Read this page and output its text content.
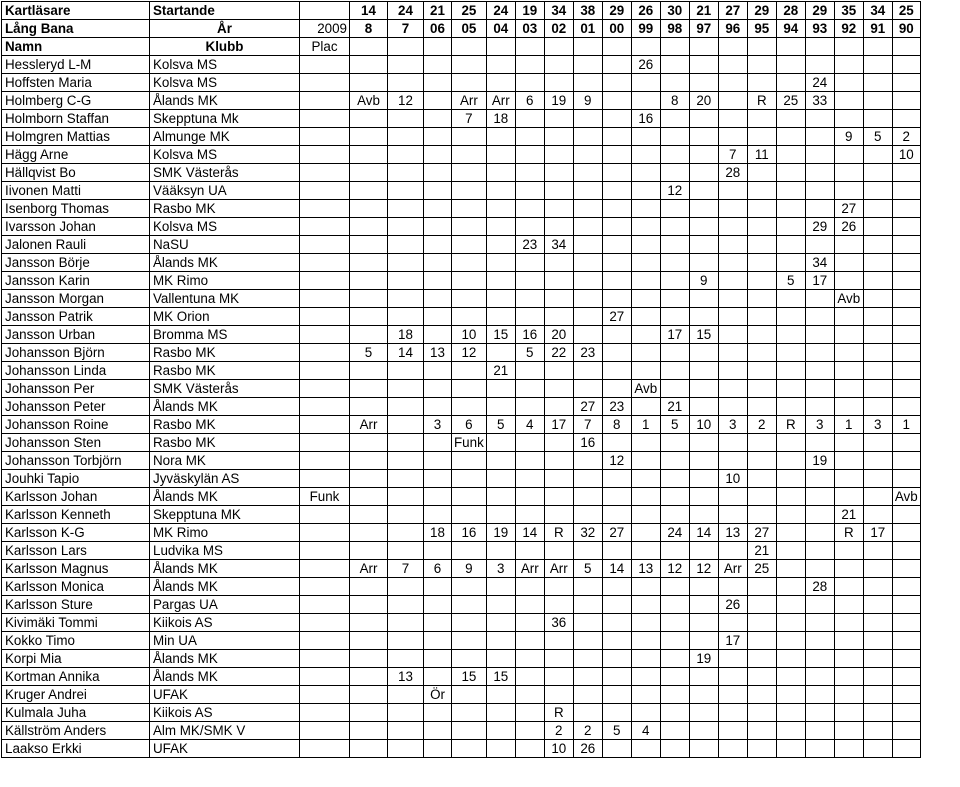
Kartläsare	Startande		14	24	21	25	24	19	34	38	29	26	30	21	27	29	28	29	35	34	25
Lång Bana	År	2009	8	7	06	05	04	03	02	01	00	99	98	97	96	95	94	93	92	91	90
Namn	Klubb	Plac																			
Hessleryd L-M	Kolsva MS											26									
Hoffsten Maria	Kolsva MS																	24			
Holmberg C-G	Ålands MK		Avb	12		Arr	Arr	6	19	9			8	20		R	25	33			
Holmborn Staffan	Skepptuna Mk					7	18					16									
Holmgren Mattias	Almunge MK																		9	5	2
Hägg Arne	Kolsva MS														7	11					10
Hällqvist Bo	SMK Västerås														28						
Iivonen Matti	Vääksyn UA												12								
Isenborg Thomas	Rasbo MK																		27		
Ivarsson Johan	Kolsva MS																	29	26		
Jalonen Rauli	NaSU							23	34												
Jansson Börje	Ålands MK																	34			
Jansson Karin	MK Rimo													9			5	17			
Jansson Morgan	Vallentuna MK																		Avb		
Jansson Patrik	MK Orion										27										
Jansson Urban	Bromma MS			18		10	15	16	20				17	15							
Johansson Björn	Rasbo MK		5	14	13	12		5	22	23											
Johansson Linda	Rasbo MK						21														
Johansson Per	SMK Västerås											Avb									
Johansson Peter	Ålands MK									27	23		21								
Johansson Roine	Rasbo MK		Arr		3	6	5	4	17	7	8	1	5	10	3	2	R	3	1	3	1
Johansson Sten	Rasbo MK					Funk				16											
Johansson Torbjörn	Nora MK										12							19			
Jouhki Tapio	Jyväskylän AS														10						
Karlsson Johan	Ålands MK	Funk																			Avb
Karlsson Kenneth	Skepptuna MK																		21		
Karlsson K-G	MK Rimo				18	16	19	14	R	32	27		24	14	13	27			R	17	
Karlsson Lars	Ludvika MS															21					
Karlsson Magnus	Ålands MK		Arr	7	6	9	3	Arr	Arr	5	14	13	12	12	Arr	25					
Karlsson Monica	Ålands MK																	28			
Karlsson Sture	Pargas UA														26						
Kivimäki Tommi	Kiikois AS								36												
Kokko Timo	Min UA														17						
Korpi Mia	Ålands MK													19							
Kortman Annika	Ålands MK			13		15	15														
Kruger Andrei	UFAK				Ör																
Kulmala Juha	Kiikois AS								R												
Källström Anders	Alm MK/SMK V								2	2	5	4									
Laakso Erkki	UFAK								10	26											
